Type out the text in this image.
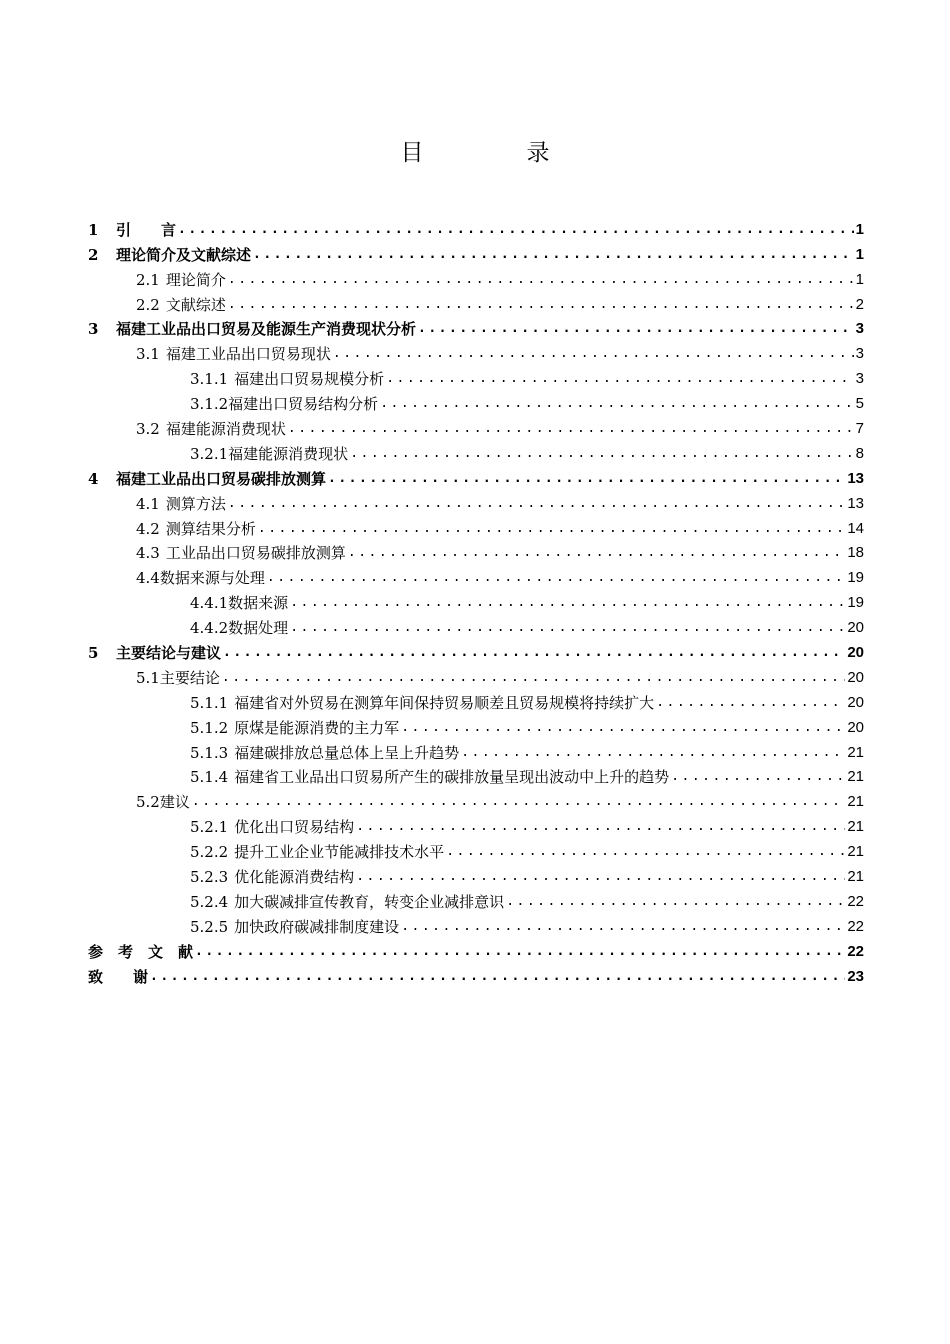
目　录
1	引　　言 .....	1
2	理论简介及文献综述 .....	1
2.1 理论简介 .....	1
2.2 文献综述 .....	2
3	福建工业品出口贸易及能源生产消费现状分析 .....	3
3.1 福建工业品出口贸易现状 .....	3
3.1.1 福建出口贸易规模分析 .....	3
3.1.2 福建出口贸易结构分析 .....	5
3.2 福建能源消费现状 .....	7
3.2.1 福建能源消费现状 .....	8
4	福建工业品出口贸易碳排放测算 .....	13
4.1 测算方法 .....	13
4.2 测算结果分析 .....	14
4.3 工业品出口贸易碳排放测算 .....	18
4.4 数据来源与处理 .....	19
4.4.1 数据来源 .....	19
4.4.2 数据处理 .....	20
5	主要结论与建议 .....	20
5.1 主要结论 .....	20
5.1.1 福建省对外贸易在测算年间保持贸易顺差且贸易规模将持续扩大 .....	20
5.1.2 原煤是能源消费的主力军 .....	20
5.1.3 福建碳排放总量总体上呈上升趋势 .....	21
5.1.4 福建省工业品出口贸易所产生的碳排放量呈现出波动中上升的趋势 .....	21
5.2 建议 .....	21
5.2.1 优化出口贸易结构 .....	21
5.2.2 提升工业企业节能减排技术水平 .....	21
5.2.3 优化能源消费结构 .....	21
5.2.4 加大碳减排宣传教育，转变企业减排意识 .....	22
5.2.5 加快政府碳减排制度建设 .....	22
参　考　文　献 .....	22
致　　谢 .....	23
